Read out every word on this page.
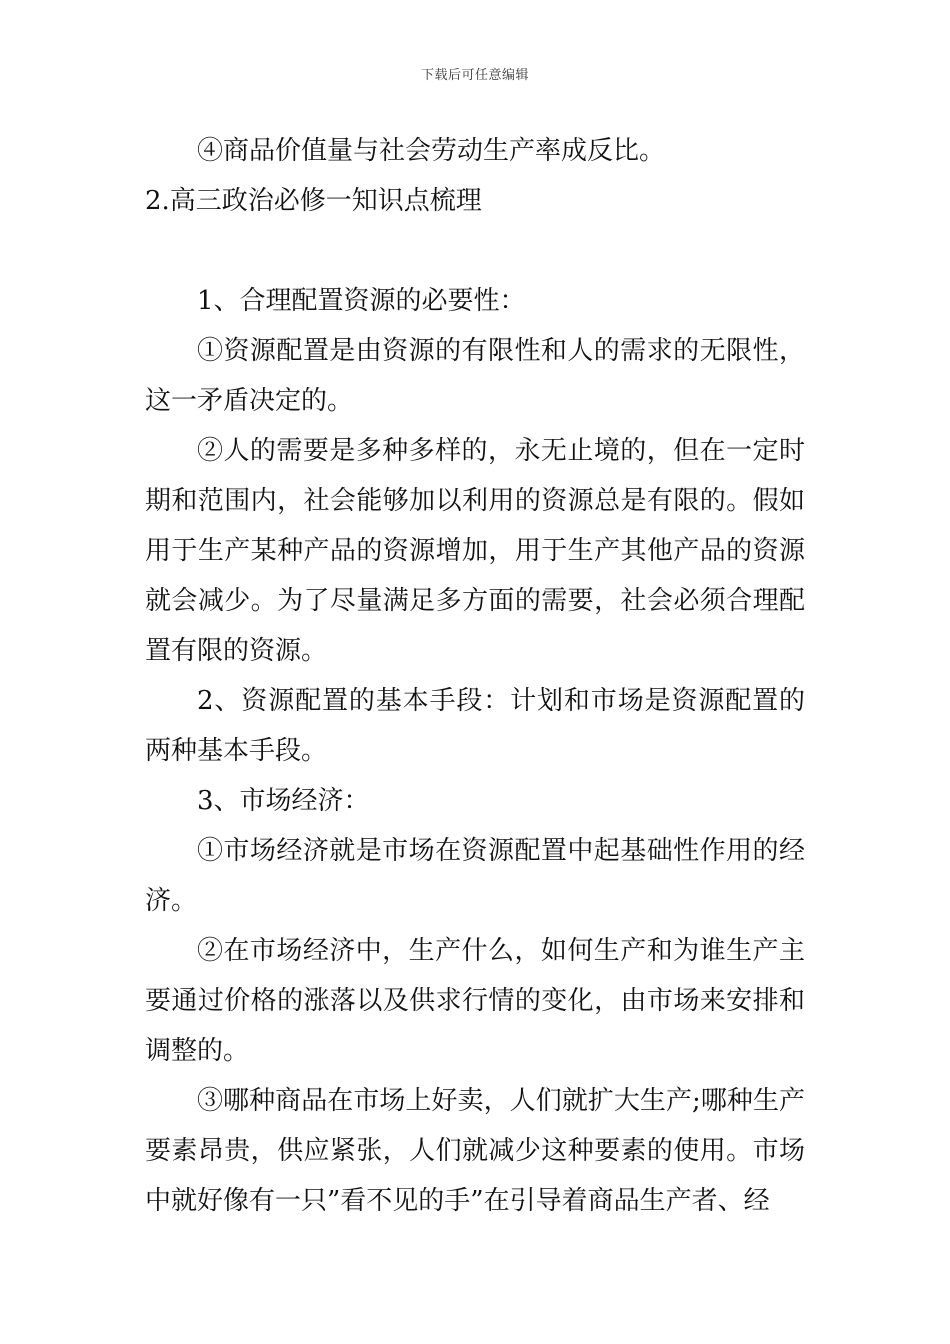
下载后可任意编辑

④商品价值量与社会劳动生产率成反比。

2.高三政治必修一知识点梳理

1、合理配置资源的必要性：

①资源配置是由资源的有限性和人的需求的无限性，这一矛盾决定的。

②人的需要是多种多样的，永无止境的，但在一定时期和范围内，社会能够加以利用的资源总是有限的。假如用于生产某种产品的资源增加，用于生产其他产品的资源就会减少。为了尽量满足多方面的需要，社会必须合理配置有限的资源。

2、资源配置的基本手段：计划和市场是资源配置的两种基本手段。

3、市场经济：

①市场经济就是市场在资源配置中起基础性作用的经济。

②在市场经济中，生产什么，如何生产和为谁生产主要通过价格的涨落以及供求行情的变化，由市场来安排和调整的。

③哪种商品在市场上好卖，人们就扩大生产;哪种生产要素昂贵，供应紧张，人们就减少这种要素的使用。市场中就好像有一只”看不见的手”在引导着商品生产者、经
